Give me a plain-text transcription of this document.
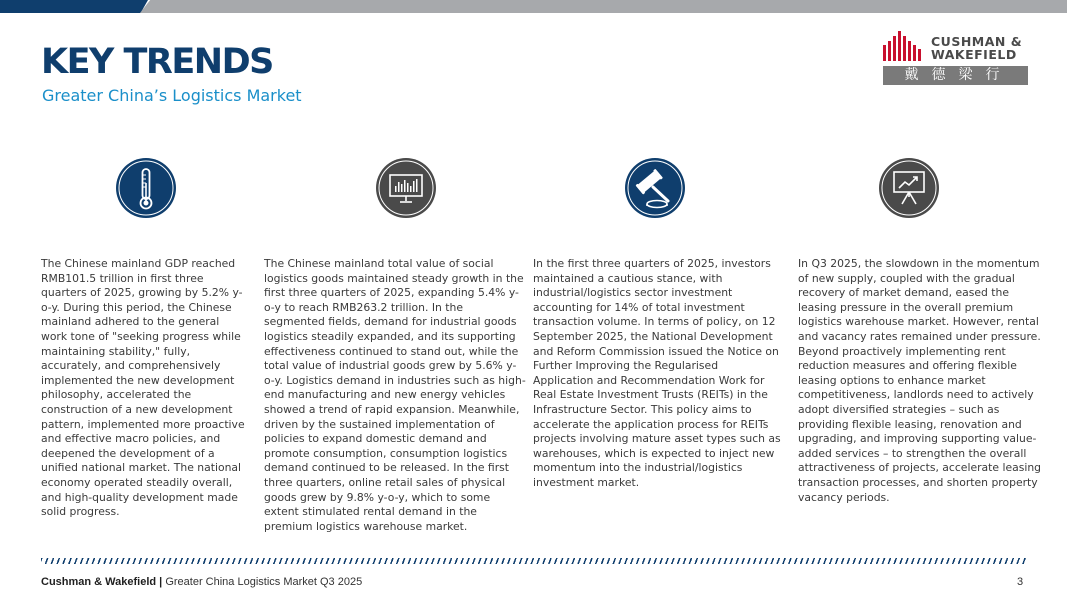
KEY TRENDS
Greater China’s Logistics Market
CUSHMAN &
WAKEFIELD
戴德梁行
The Chinese mainland GDP reached RMB101.5 trillion in first three quarters of 2025, growing by 5.2% y-o-y. During this period, the Chinese mainland adhered to the general work tone of "seeking progress while maintaining stability," fully, accurately, and comprehensively implemented the new development philosophy, accelerated the construction of a new development pattern, implemented more proactive and effective macro policies, and deepened the development of a unified national market. The national economy operated steadily overall, and high-quality development made solid progress.
The Chinese mainland total value of social logistics goods maintained steady growth in the first three quarters of 2025, expanding 5.4% y-o-y to reach RMB263.2 trillion. In the segmented fields, demand for industrial goods logistics steadily expanded, and its supporting effectiveness continued to stand out, while the total value of industrial goods grew by 5.6% y-o-y. Logistics demand in industries such as high-end manufacturing and new energy vehicles showed a trend of rapid expansion. Meanwhile, driven by the sustained implementation of policies to expand domestic demand and promote consumption, consumption logistics demand continued to be released. In the first three quarters, online retail sales of physical goods grew by 9.8% y-o-y, which to some extent stimulated rental demand in the premium logistics warehouse market.
In the first three quarters of 2025, investors maintained a cautious stance, with industrial/logistics sector investment accounting for 14% of total investment transaction volume. In terms of policy, on 12 September 2025, the National Development and Reform Commission issued the Notice on Further Improving the Regularised Application and Recommendation Work for Real Estate Investment Trusts (REITs) in the Infrastructure Sector. This policy aims to accelerate the application process for REITs projects involving mature asset types such as warehouses, which is expected to inject new momentum into the industrial/logistics investment market.
In Q3 2025, the slowdown in the momentum of new supply, coupled with the gradual recovery of market demand, eased the leasing pressure in the overall premium logistics warehouse market. However, rental and vacancy rates remained under pressure. Beyond proactively implementing rent reduction measures and offering flexible leasing options to enhance market competitiveness, landlords need to actively adopt diversified strategies – such as providing flexible leasing, renovation and upgrading, and improving supporting value-added services – to strengthen the overall attractiveness of projects, accelerate leasing transaction processes, and shorten property vacancy periods.
Cushman & Wakefield | Greater China Logistics Market Q3 2025	3
